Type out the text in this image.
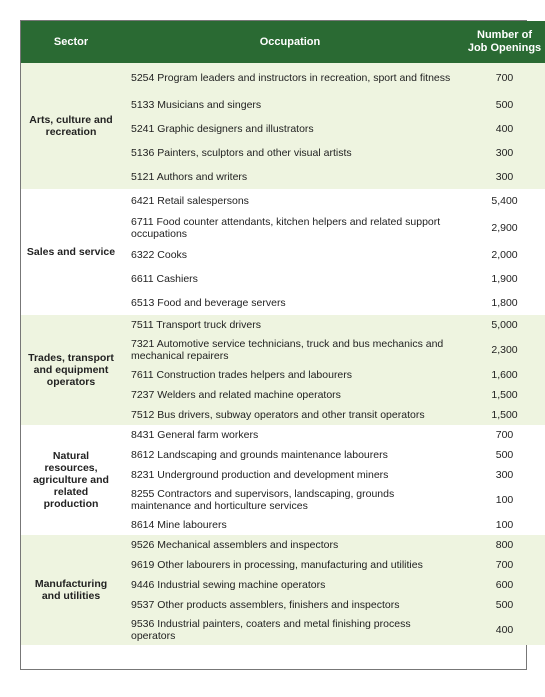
Sector	Occupation	Number of
Job Openings
Arts, culture and recreation	5254 Program leaders and instructors in recreation, sport and fitness	700
	5133 Musicians and singers	500
	5241 Graphic designers and illustrators	400
	5136 Painters, sculptors and other visual artists	300
	5121 Authors and writers	300
Sales and service	6421 Retail salespersons	5,400
	6711 Food counter attendants, kitchen helpers and related support occupations	2,900
	6322 Cooks	2,000
	6611 Cashiers	1,900
	6513 Food and beverage servers	1,800
Trades, transport and equipment operators	7511 Transport truck drivers	5,000
	7321 Automotive service technicians, truck and bus mechanics and mechanical repairers	2,300
	7611 Construction trades helpers and labourers	1,600
	7237 Welders and related machine operators	1,500
	7512 Bus drivers, subway operators and other transit operators	1,500
Natural resources, agriculture and related production	8431 General farm workers	700
	8612 Landscaping and grounds maintenance labourers	500
	8231 Underground production and development miners	300
	8255 Contractors and supervisors, landscaping, grounds maintenance and horticulture services	100
	8614 Mine labourers	100
Manufacturing and utilities	9526 Mechanical assemblers and inspectors	800
	9619 Other labourers in processing, manufacturing and utilities	700
	9446 Industrial sewing machine operators	600
	9537 Other products assemblers, finishers and inspectors	500
	9536 Industrial painters, coaters and metal finishing process operators	400
